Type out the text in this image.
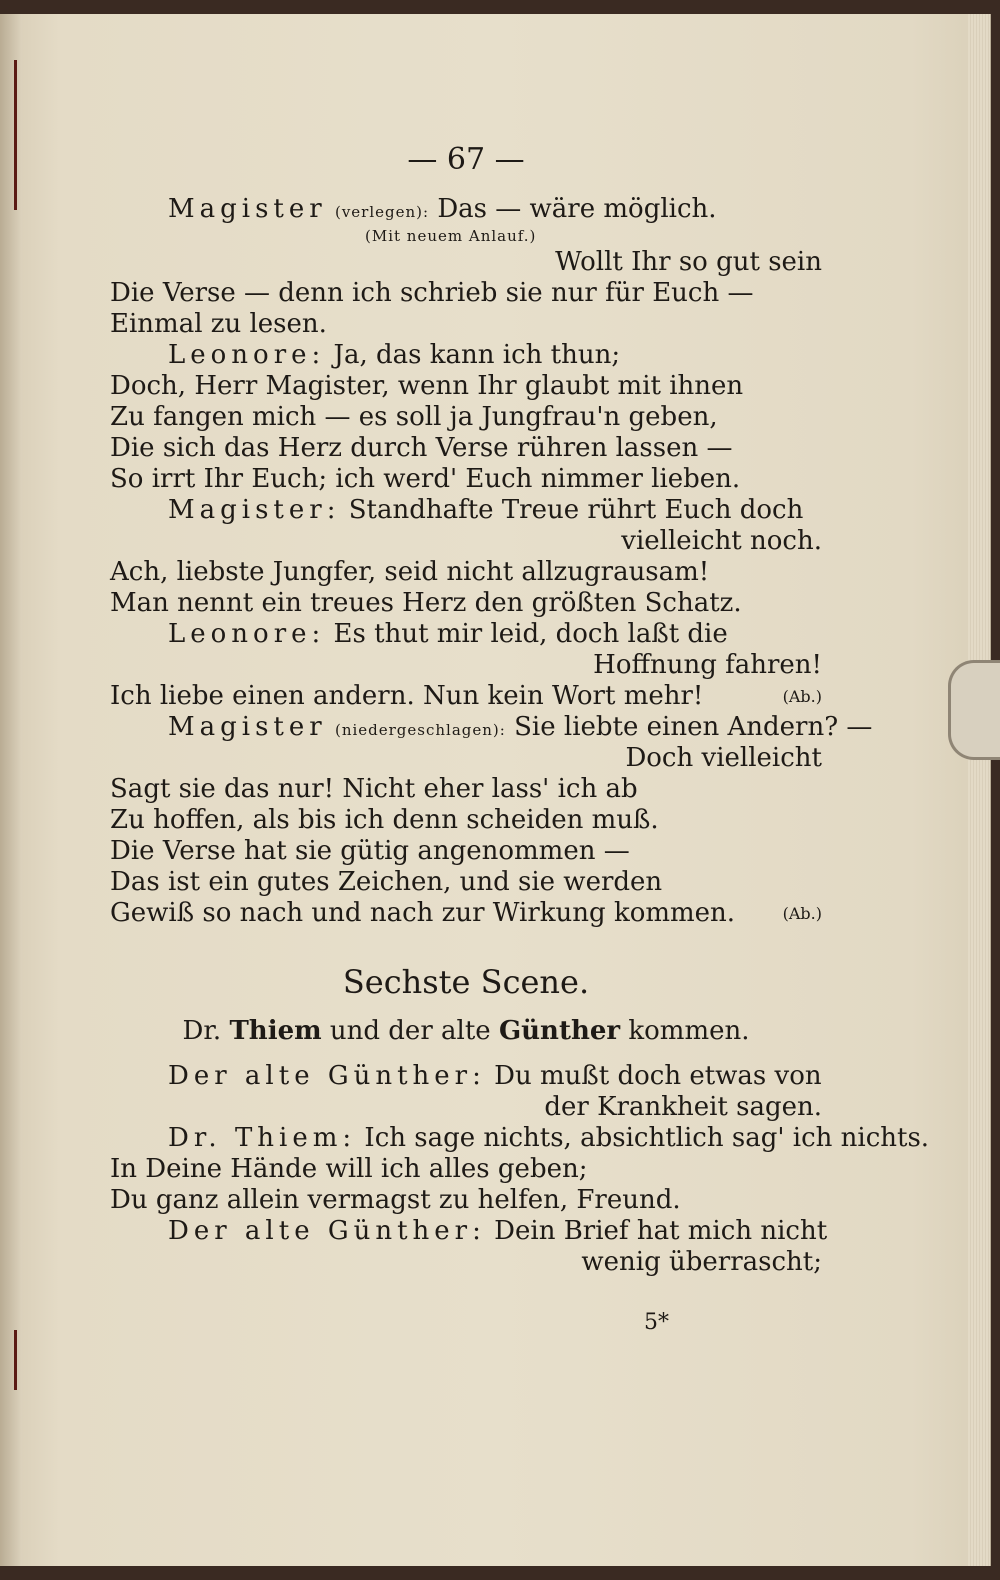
— 67 —
Magister (verlegen): Das — wäre möglich.
(Mit neuem Anlauf.)
Wollt Ihr so gut sein
Die Verse — denn ich schrieb sie nur für Euch —
Einmal zu lesen.
Leonore: Ja, das kann ich thun;
Doch, Herr Magister, wenn Ihr glaubt mit ihnen
Zu fangen mich — es soll ja Jungfrau'n geben,
Die sich das Herz durch Verse rühren lassen —
So irrt Ihr Euch; ich werd' Euch nimmer lieben.
Magister: Standhafte Treue rührt Euch doch
vielleicht noch.
Ach, liebste Jungfer, seid nicht allzugrausam!
Man nennt ein treues Herz den größten Schatz.
Leonore: Es thut mir leid, doch laßt die
Hoffnung fahren!
Ich liebe einen andern. Nun kein Wort mehr!	(Ab.)
Magister (niedergeschlagen): Sie liebte einen Andern? —
Doch vielleicht
Sagt sie das nur! Nicht eher lass' ich ab
Zu hoffen, als bis ich denn scheiden muß.
Die Verse hat sie gütig angenommen —
Das ist ein gutes Zeichen, und sie werden
Gewiß so nach und nach zur Wirkung kommen.	(Ab.)
Sechste Scene.
Dr. Thiem und der alte Günther kommen.
Der alte Günther: Du mußt doch etwas von
der Krankheit sagen.
Dr. Thiem: Ich sage nichts, absichtlich sag' ich nichts.
In Deine Hände will ich alles geben;
Du ganz allein vermagst zu helfen, Freund.
Der alte Günther: Dein Brief hat mich nicht
wenig überrascht;
5*
